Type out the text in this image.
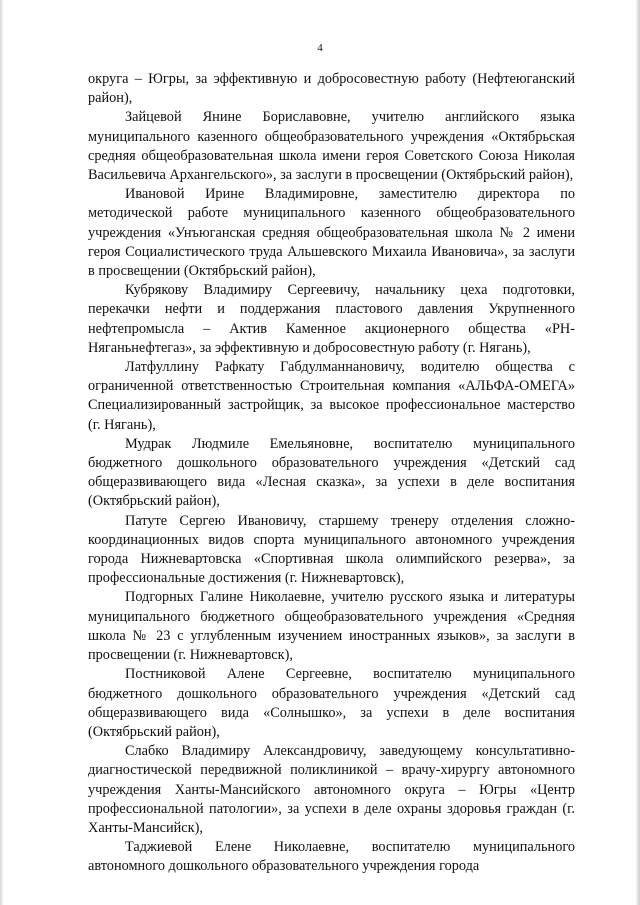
4

округа – Югры, за эффективную и добросовестную работу (Нефтеюганский район),

Зайцевой Янине Бориславовне, учителю английского языка муниципального казенного общеобразовательного учреждения «Октябрьская средняя общеобразовательная школа имени героя Советского Союза Николая Васильевича Архангельского», за заслуги в просвещении (Октябрьский район),

Ивановой Ирине Владимировне, заместителю директора по методической работе муниципального казенного общеобразовательного учреждения «Унъюганская средняя общеобразовательная школа № 2 имени героя Социалистического труда Альшевского Михаила Ивановича», за заслуги в просвещении (Октябрьский район),

Кубрякову Владимиру Сергеевичу, начальнику цеха подготовки, перекачки нефти и поддержания пластового давления Укрупненного нефтепромысла – Актив Каменное акционерного общества «РН-Няганьнефтегаз», за эффективную и добросовестную работу (г. Нягань),

Латфуллину Рафкату Габдулманнановичу, водителю общества с ограниченной ответственностью Строительная компания «АЛЬФА-ОМЕГА» Специализированный застройщик, за высокое профессиональное мастерство (г. Нягань),

Мудрак Людмиле Емельяновне, воспитателю муниципального бюджетного дошкольного образовательного учреждения «Детский сад общеразвивающего вида «Лесная сказка», за успехи в деле воспитания (Октябрьский район),

Патуте Сергею Ивановичу, старшему тренеру отделения сложно-координационных видов спорта муниципального автономного учреждения города Нижневартовска «Спортивная школа олимпийского резерва», за профессиональные достижения (г. Нижневартовск),

Подгорных Галине Николаевне, учителю русского языка и литературы муниципального бюджетного общеобразовательного учреждения «Средняя школа № 23 с углубленным изучением иностранных языков», за заслуги в просвещении (г. Нижневартовск),

Постниковой Алене Сергеевне, воспитателю муниципального бюджетного дошкольного образовательного учреждения «Детский сад общеразвивающего вида «Солнышко», за успехи в деле воспитания (Октябрьский район),

Слабко Владимиру Александровичу, заведующему консультативно-диагностической передвижной поликлиникой – врачу-хирургу автономного учреждения Ханты-Мансийского автономного округа – Югры «Центр профессиональной патологии», за успехи в деле охраны здоровья граждан (г. Ханты-Мансийск),

Таджиевой Елене Николаевне, воспитателю муниципального автономного дошкольного образовательного учреждения города
